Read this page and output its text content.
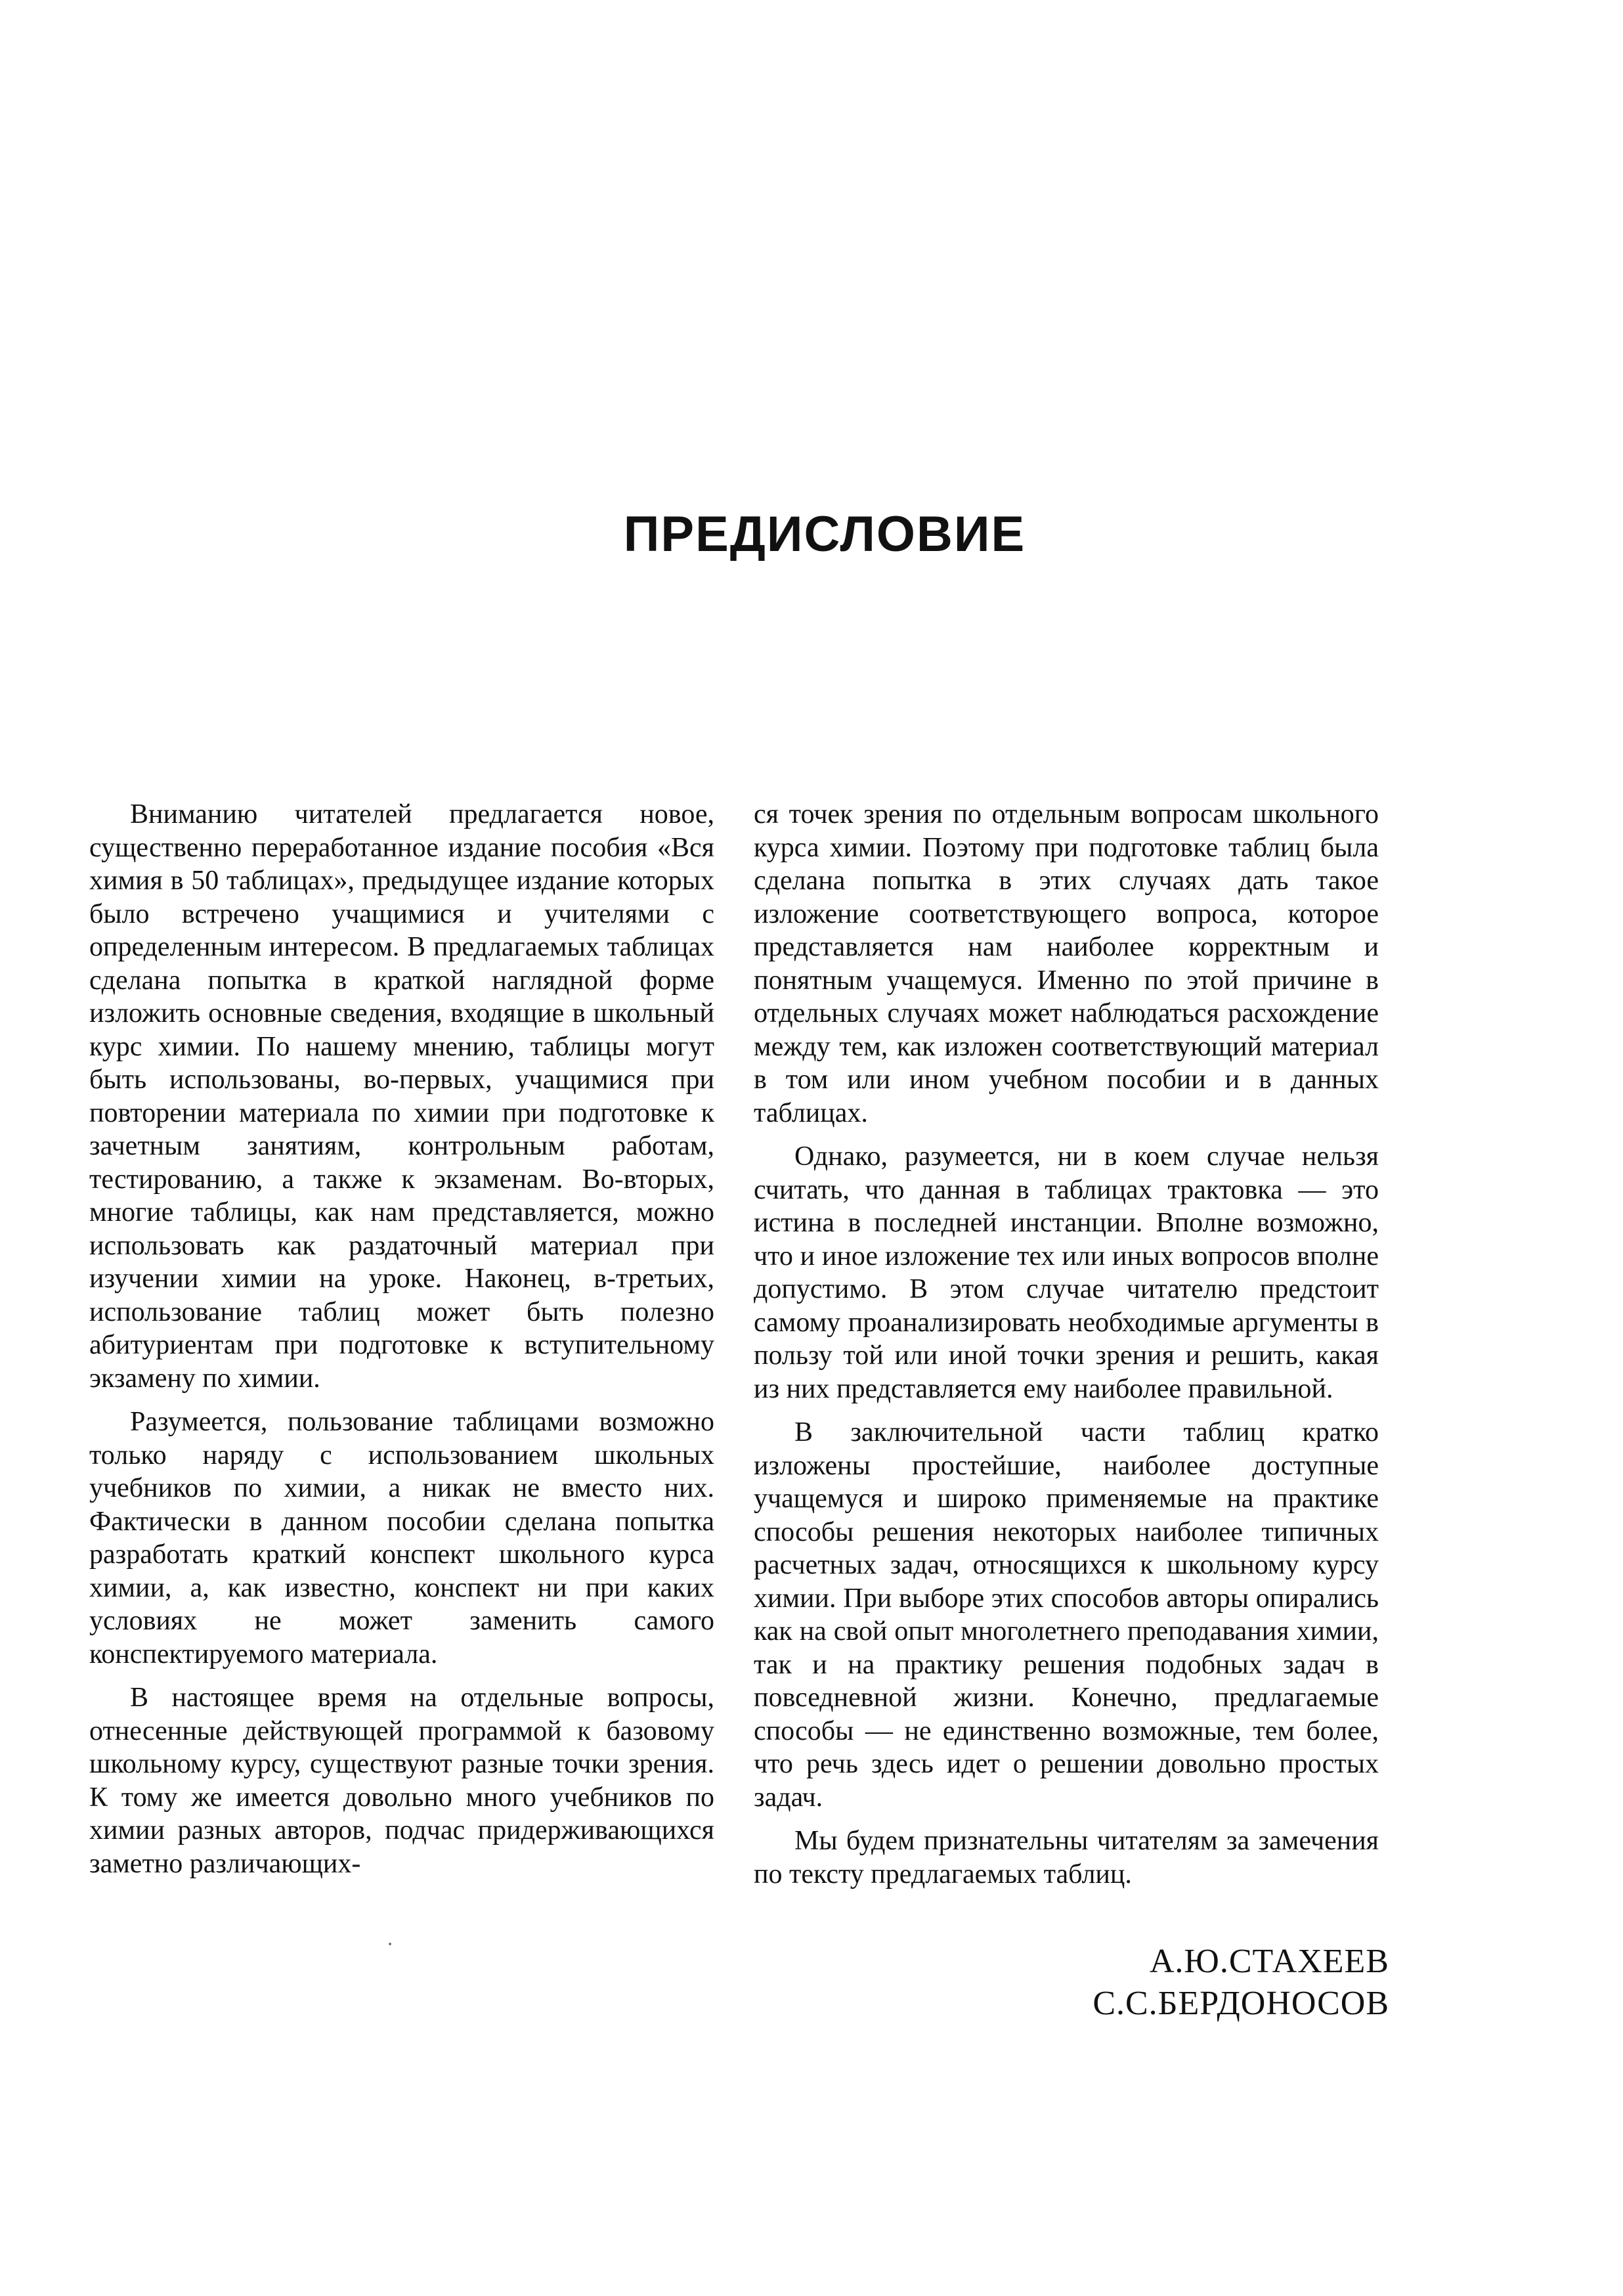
ПРЕДИСЛОВИЕ

Вниманию читателей предлагается новое, существенно переработанное издание пособия «Вся химия в 50 таблицах», предыдущее издание которых было встречено учащимися и учителями с определенным интересом. В предлагаемых таблицах сделана попытка в краткой наглядной форме изложить основные сведения, входящие в школьный курс химии. По нашему мнению, таблицы могут быть использованы, во-первых, учащимися при повторении материала по химии при подготовке к зачетным занятиям, контрольным работам, тестированию, а также к экзаменам. Во-вторых, многие таблицы, как нам представляется, можно использовать как раздаточный материал при изучении химии на уроке. Наконец, в-третьих, использование таблиц может быть полезно абитуриентам при подготовке к вступительному экзамену по химии.

Разумеется, пользование таблицами возможно только наряду с использованием школьных учебников по химии, а никак не вместо них. Фактически в данном пособии сделана попытка разработать краткий конспект школьного курса химии, а, как известно, конспект ни при каких условиях не может заменить самого конспектируемого материала.

В настоящее время на отдельные вопросы, отнесенные действующей программой к базовому школьному курсу, существуют разные точки зрения. К тому же имеется довольно много учебников по химии разных авторов, подчас придерживающихся заметно различающих-

ся точек зрения по отдельным вопросам школьного курса химии. Поэтому при подготовке таблиц была сделана попытка в этих случаях дать такое изложение соответствующего вопроса, которое представляется нам наиболее корректным и понятным учащемуся. Именно по этой причине в отдельных случаях может наблюдаться расхождение между тем, как изложен соответствующий материал в том или ином учебном пособии и в данных таблицах.

Однако, разумеется, ни в коем случае нельзя считать, что данная в таблицах трактовка — это истина в последней инстанции. Вполне возможно, что и иное изложение тех или иных вопросов вполне допустимо. В этом случае читателю предстоит самому проанализировать необходимые аргументы в пользу той или иной точки зрения и решить, какая из них представляется ему наиболее правильной.

В заключительной части таблиц кратко изложены простейшие, наиболее доступные учащемуся и широко применяемые на практике способы решения некоторых наиболее типичных расчетных задач, относящихся к школьному курсу химии. При выборе этих способов авторы опирались как на свой опыт многолетнего преподавания химии, так и на практику решения подобных задач в повседневной жизни. Конечно, предлагаемые способы — не единственно возможные, тем более, что речь здесь идет о решении довольно простых задач.

Мы будем признательны читателям за замечения по тексту предлагаемых таблиц.

А.Ю.СТАХЕЕВ
С.С.БЕРДОНОСОВ
